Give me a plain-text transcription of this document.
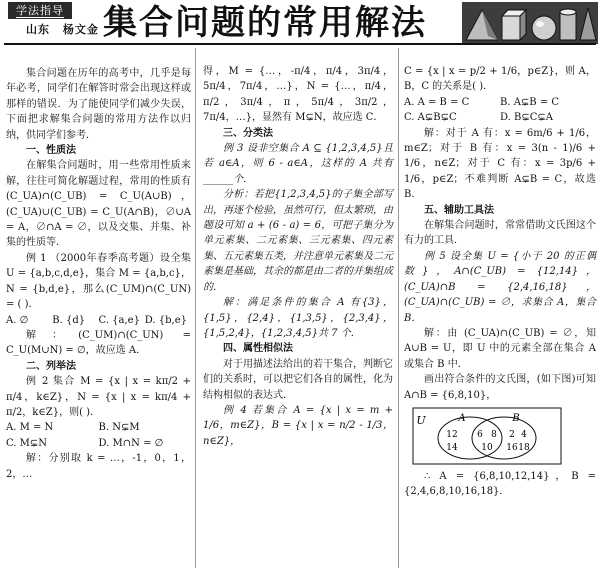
学法指导
山东 杨文金 集合问题的常用解法

集合问题在历年的高考中，几乎是每年必考，同学们在解答时常会出现这样或那样的错误．为了能使同学们减少失误，下面把求解集合问题的常用方法作以归纳，供同学们参考．

一、性质法

在解集合问题时，用一些常用性质来解，往往可简化解题过程，常用的性质有(C_UA)∩(C_UB) = C_U(A∪B)，(C_UA)∪(C_UB) = C_U(A∩B)，∅∪A = A，∅∩A = ∅，以及交集、并集、补集的性质等．

例 1 （2000年春季高考题）设全集 U = {a,b,c,d,e}，集合 M = {a,b,c}，N = {b,d,e}，那么(C_UM)∩(C_UN) = ( )．

A. ∅	B. {d}	C. {a,e} D. {b,e}

解：(C_UM)∩(C_UN) = C_U(M∪N) = ∅，故应选 A．

二、列举法

例 2 集合 M = {x | x = kπ/2 + π/4，k∈Z}，N = {x | x = kπ/4 + π/2，k∈Z}，则( )．

A. M = N	B. N⊊M
C. M⊊N	D. M∩N = ∅

解：分别取 k = …，-1，0，1，2，…

得，M = {…，-π/4，π/4，3π/4，5π/4，7π/4，…}，N = {…，π/4，π/2，3π/4，π，5π/4，3π/2，7π/4，…}，显然有 M⊊N，故应选 C．

三、分类法

例 3 设非空集合 A ⊆ {1,2,3,4,5}且若 a∈A，则 6 - a∈A，这样的 A 共有______个．

分析：若把{1,2,3,4,5}的子集全部写出，再逐个检验，虽然可行，但太繁琐，由题设可知 a + (6 - a) = 6，可把子集分为单元素集、二元素集、三元素集、四元素集、五元素集五类，并注意单元素集及二元素集是基础，其余的都是由二者的并集组成的．

解：满足条件的集合 A 有{3}，{1,5}，{2,4}，{1,3,5}，{2,3,4}，{1,5,2,4}，{1,2,3,4,5}共 7 个．

四、属性相似法

对于用描述法给出的若干集合，判断它们的关系时，可以把它们各自的属性，化为结构相似的表达式．

例 4 若集合 A = {x | x = m + 1/6，m∈Z}，B = {x | x = n/2 - 1/3，n∈Z}，

C = {x | x = p/2 + 1/6，p∈Z}，则 A，B，C 的关系是( )．

A. A = B = C	B. A⊊B = C
C. A⊊B⊊C	D. B⊊C⊊A

解：对于 A 有：x = 6m/6 + 1/6，m∈Z；对于 B 有：x = 3(n - 1)/6 + 1/6，n∈Z；对于 C 有：x = 3p/6 + 1/6，p∈Z；不难判断 A⊊B = C，故选 B．

五、辅助工具法

在解集合问题时，常常借助文氏图这个有力的工具．

例 5 设全集 U = {小于 20 的正偶数}，A∩(C_UB) = {12,14}，(C_UA)∩B = {2,4,16,18}，(C_UA)∩(C_UB) = ∅，求集合 A，集合 B．

解：由 (C_UA)∩(C_UB) = ∅，知 A∪B = U，即 U 中的元素全部在集合 A 或集合 B 中．

画出符合条件的文氏图，(如下图)可知 A∩B = {6,8,10}，

U	A	B
12
14
6 8
10
2 4
16 18

∴ A = {6,8,10,12,14}，B = {2,4,6,8,10,16,18}．
